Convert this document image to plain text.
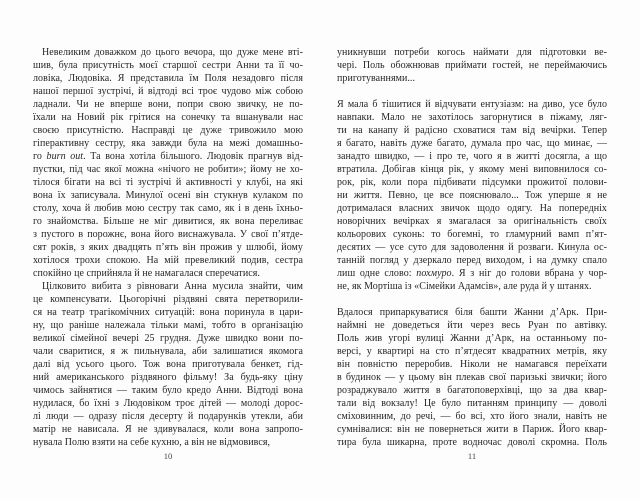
Невеликим доважком до цього вечора, що дуже мене вті-
шив, була присутність моєї старшої сестри Анни та її чо-
ловіка, Людовіка. Я представила їм Поля незадовго після
нашої першої зустрічі, й відтоді всі троє чудово між собою
ладнали. Чи не вперше вони, попри свою звичку, не по-
їхали на Новий рік грітися на сонечку та вшанували нас
своєю присутністю. Насправді це дуже тривожило мою
гіперактивну сестру, яка завжди була на межі домашньо-
го burn out. Та вона хотіла більшого. Людовік прагнув від-
пустки, під час якої можна «нічого не робити»; йому не хо-
тілося бігати на всі ті зустрічі й активності у клубі, на які
вона їх записувала. Минулої осені він стукнув кулаком по
столу, хоча й любив мою сестру так само, як і в день їхньо-
го знайомства. Більше не міг дивитися, як вона переливає
з пустого в порожнє, вона його виснажувала. У свої п’ятде-
сят років, з яких двадцять п’ять він прожив у шлюбі, йому
хотілося трохи спокою. На мій превеликий подив, сестра
спокійно це сприйняла й не намагалася сперечатися.
Цілковито вибита з рівноваги Анна мусила знайти, чим
це компенсувати. Цьогорічні різдвяні свята перетворили-
ся на театр трагікомічних ситуацій: вона поринула в цари-
ну, що раніше належала тільки мамі, тобто в організацію
великої сімейної вечері 25 грудня. Дуже швидко вони по-
чали сваритися, я ж пильнувала, аби залишатися якомога
далі від усього цього. Тож вона приготувала бенкет, гід-
ний американського різдвяного фільму! За будь-яку ціну
чимось зайнятися — таким було кредо Анни. Відтоді вона
нудилася, бо їхні з Людовіком троє дітей — молоді дорос-
лі люди — одразу після десерту й подарунків утекли, аби
матір не нависала. Я не здивувалася, коли вона запропо-
нувала Полю взяти на себе кухню, а він не відмовився,
10
уникнувши потреби когось наймати для підготовки ве-
чері. Поль обожнював приймати гостей, не переймаючись
приготуваннями...
Я мала б тішитися й відчувати ентузіазм: на диво, усе було
навпаки. Мало не захотілось загорнутися в піжаму, ляг-
ти на канапу й радісно сховатися там від вечірки. Тепер
я багато, навіть дуже багато, думала про час, що минає, —
занадто швидко, — і про те, чого я в житті досягла, а що
втратила. Добігав кінця рік, у якому мені виповнилося со-
рок, рік, коли пора підбивати підсумки прожитої полови-
ни життя. Певно, це все пояснювало... Тож уперше я не
дотрималася власних звичок щодо одягу. На попередніх
новорічних вечірках я змагалася за оригінальність своїх
кольорових суконь: то богемні, то гламурний вамп п’ят-
десятих — усе суто для задоволення й розваги. Кинула ос-
танній погляд у дзеркало перед виходом, і на думку спало
лиш одне слово: похмуро. Я з ніг до голови вбрана у чор-
не, як Мортіша із «Сімейки Адамсів», але руда й у штанях.
Вдалося припаркуватися біля башти Жанни д’Арк. При-
наймні не доведеться йти через весь Руан по автівку.
Поль жив угорі вулиці Жанни д’Арк, на останньому по-
версі, у квартирі на сто п’ятдесят квадратних метрів, яку
він повністю переробив. Ніколи не намагався переїхати
в будинок — у цьому він плекав свої паризькі звички; його
розраджувало життя в багатоповерхівці, що за два квар-
тали від вокзалу! Це було питанням принципу — доволі
сміховинним, до речі, — бо всі, хто його знали, навіть не
сумнівалися: він не повернеться жити в Париж. Його квар-
тира була шикарна, проте водночас доволі скромна. Поль
11
